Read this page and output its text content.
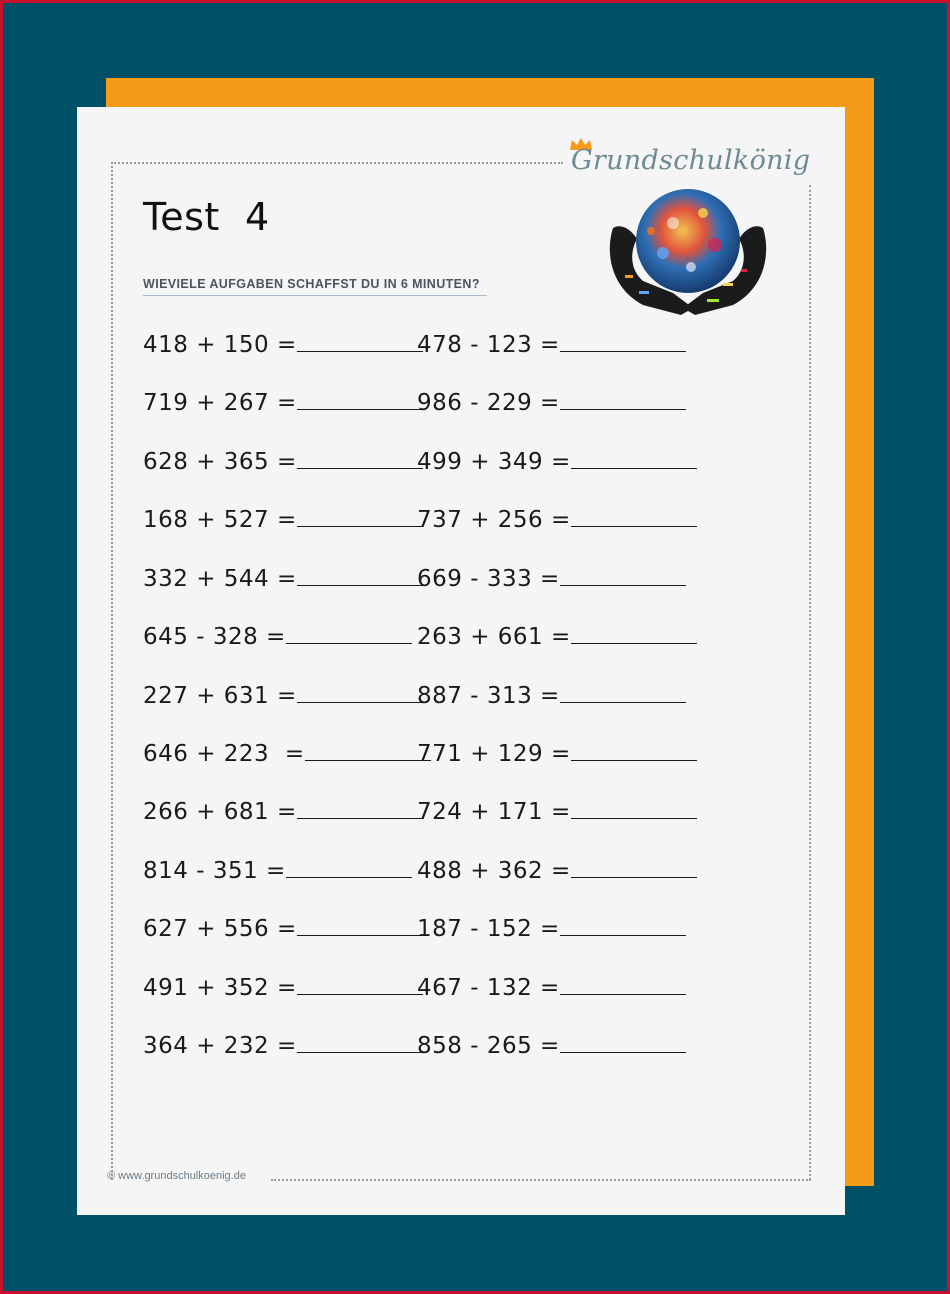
Grundschulkönig
Test  4
WIEVIELE AUFGABEN SCHAFFST DU IN 6 MINUTEN?
418 + 150 =
719 + 267 =
628 + 365 =
168 + 527 =
332 + 544 =
645 - 328 =
227 + 631 =
646 + 223  =
266 + 681 =
814 - 351 =
627 + 556 =
491 + 352 =
364 + 232 =
478 - 123 =
986 - 229 =
499 + 349 =
737 + 256 =
669 - 333 =
263 + 661 =
887 - 313 =
771 + 129 =
724 + 171 =
488 + 362 =
187 - 152 =
467 - 132 =
858 - 265 =
© www.grundschulkoenig.de
